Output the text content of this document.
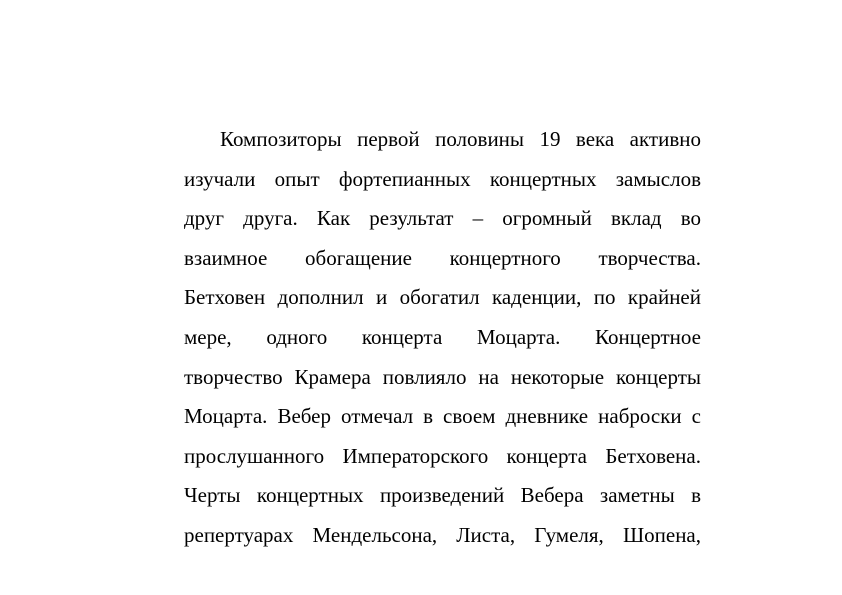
Композиторы первой половины 19 века активно
изучали опыт фортепианных концертных замыслов
друг друга. Как результат – огромный вклад во
взаимное обогащение концертного творчества.
Бетховен дополнил и обогатил каденции, по крайней
мере, одного концерта Моцарта. Концертное
творчество Крамера повлияло на некоторые концерты
Моцарта. Вебер отмечал в своем дневнике наброски с
прослушанного Императорского концерта Бетховена.
Черты концертных произведений Вебера заметны в
репертуарах Мендельсона, Листа, Гумеля, Шопена,
